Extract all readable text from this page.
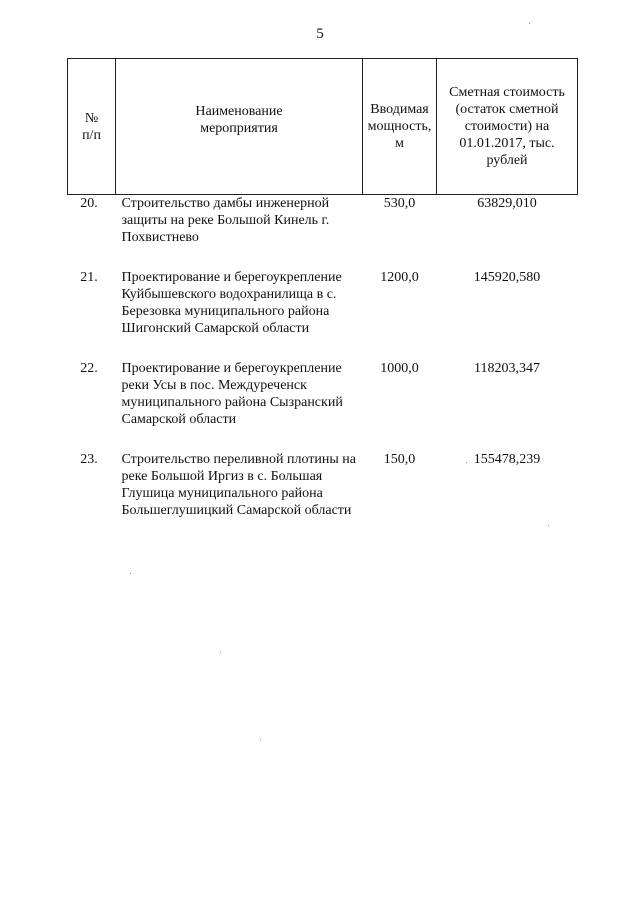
5
№ п/п	Наименование мероприятия	Вводимая мощность, м	Сметная стоимость (остаток сметной стоимости) на 01.01.2017, тыс. рублей
20.	Строительство дамбы инженерной защиты на реке Большой Кинель г. Похвистнево	530,0	63829,010
21.	Проектирование и берегоукрепление Куйбышевского водохранилища в с. Березовка муниципального района Шигонский Самарской области	1200,0	145920,580
22.	Проектирование и берегоукрепление реки Усы в пос. Междуреченск муниципального района Сызранский Самарской области	1000,0	118203,347
23.	Строительство переливной плотины на реке Большой Иргиз в с. Большая Глушица муниципального района Большеглушицкий Самарской области	150,0	155478,239
